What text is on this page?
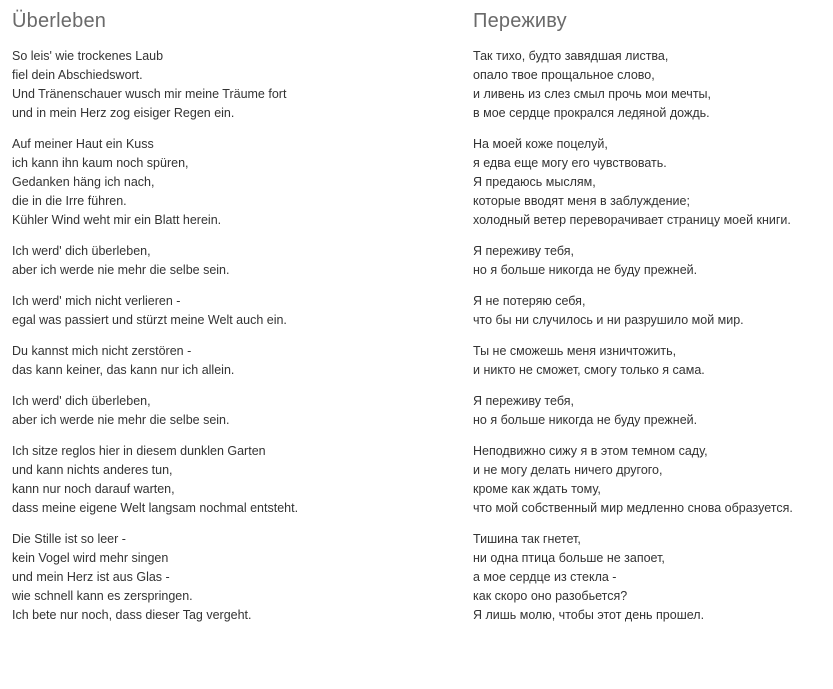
Überleben

So leis' wie trockenes Laub
fiel dein Abschiedswort.
Und Tränenschauer wusch mir meine Träume fort
und in mein Herz zog eisiger Regen ein.

Auf meiner Haut ein Kuss
ich kann ihn kaum noch spüren,
Gedanken häng ich nach,
die in die Irre führen.
Kühler Wind weht mir ein Blatt herein.

Ich werd' dich überleben,
aber ich werde nie mehr die selbe sein.

Ich werd' mich nicht verlieren -
egal was passiert und stürzt meine Welt auch ein.

Du kannst mich nicht zerstören -
das kann keiner, das kann nur ich allein.

Ich werd' dich überleben,
aber ich werde nie mehr die selbe sein.

Ich sitze reglos hier in diesem dunklen Garten
und kann nichts anderes tun,
kann nur noch darauf warten,
dass meine eigene Welt langsam nochmal entsteht.

Die Stille ist so leer -
kein Vogel wird mehr singen
und mein Herz ist aus Glas -
wie schnell kann es zerspringen.
Ich bete nur noch, dass dieser Tag vergeht.

Переживу

Так тихо, будто завядшая листва,
опало твое прощальное слово,
и ливень из слез смыл прочь мои мечты,
в мое сердце прокрался ледяной дождь.

На моей коже поцелуй,
я едва еще могу его чувствовать.
Я предаюсь мыслям,
которые вводят меня в заблуждение;
холодный ветер переворачивает страницу моей книги.

Я переживу тебя,
но я больше никогда не буду прежней.

Я не потеряю себя,
что бы ни случилось и ни разрушило мой мир.

Ты не сможешь меня изничтожить,
и никто не сможет, смогу только я сама.

Я переживу тебя,
но я больше никогда не буду прежней.

Неподвижно сижу я в этом темном саду,
и не могу делать ничего другого,
кроме как ждать тому,
что мой собственный мир медленно снова образуется.

Тишина так гнетет,
ни одна птица больше не запоет,
а мое сердце из стекла -
как скоро оно разобьется?
Я лишь молю, чтобы этот день прошел.
